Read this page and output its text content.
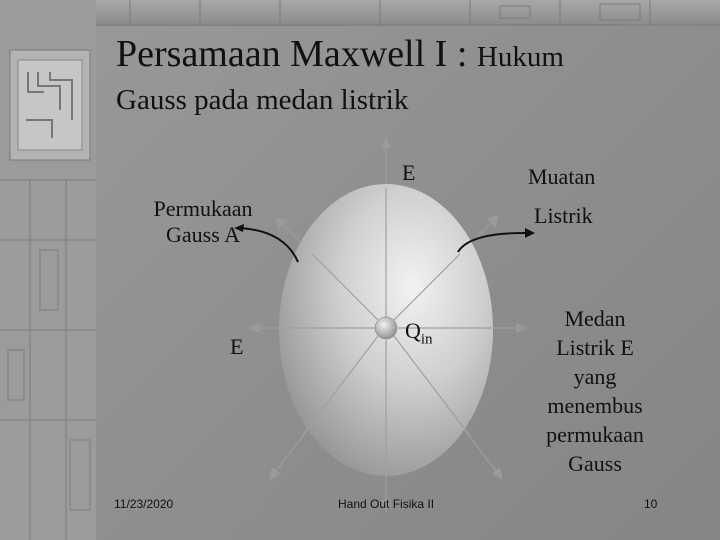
Persamaan Maxwell I : Hukum
Gauss pada medan listrik
E
E
Permukaan
Gauss A
Muatan
Listrik
$Q_{in}$
Medan
Listrik E
yang
menembus
permukaan
Gauss
11/23/2020	Hand Out Fisika II	10
